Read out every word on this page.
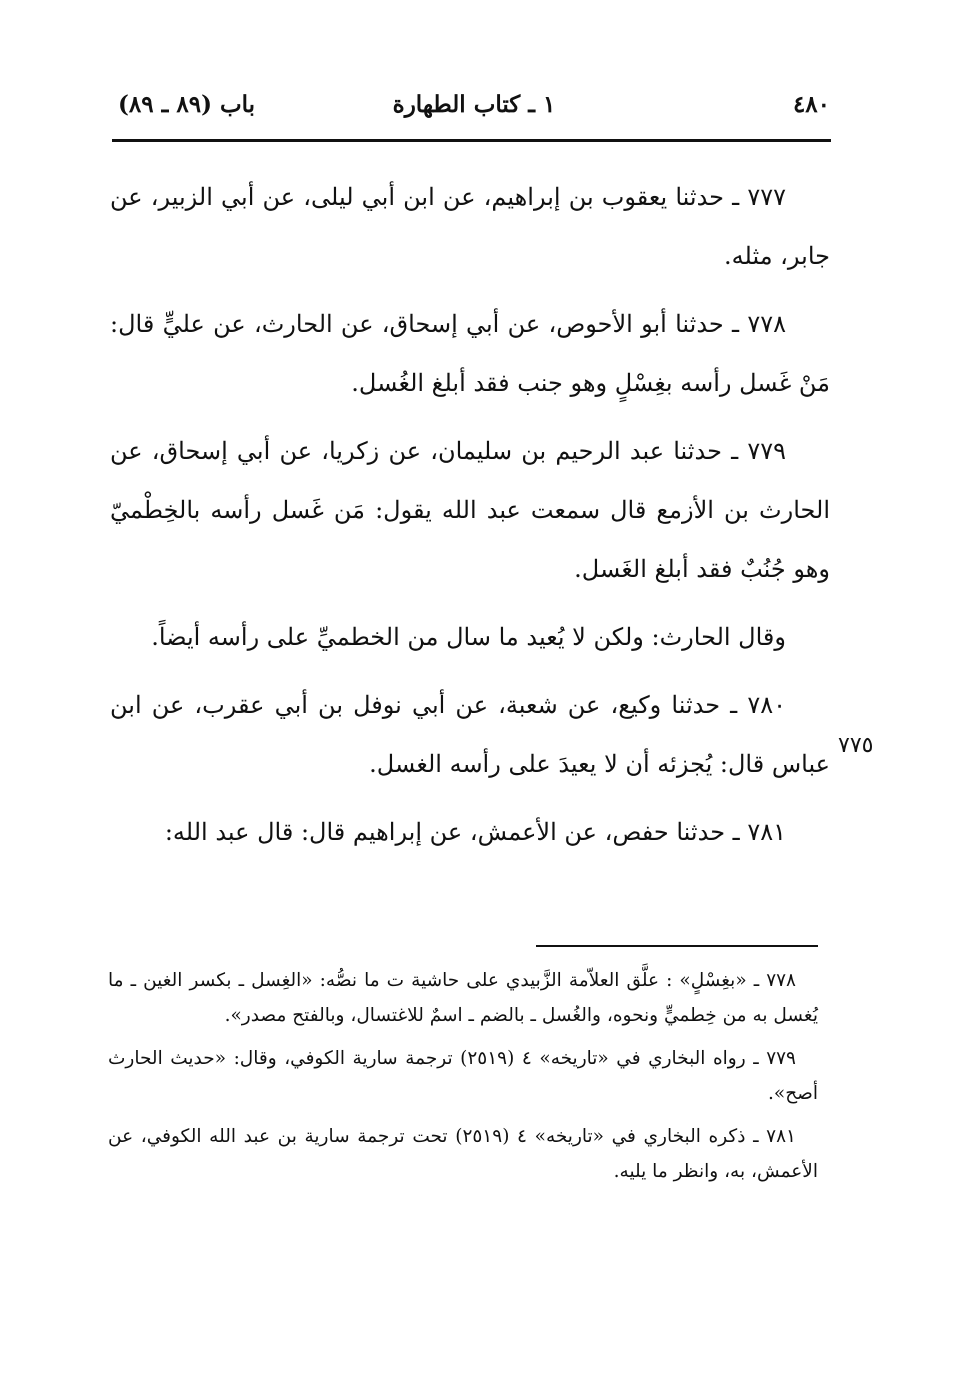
٤٨٠
١ ـ كتاب الطهارة
باب (٨٩ ـ ٨٩)

٧٧٧ ـ حدثنا يعقوب بن إبراهيم، عن ابن أبي ليلى، عن أبي الزبير، عن جابر، مثله.

٧٧٨ ـ حدثنا أبو الأحوص، عن أبي إسحاق، عن الحارث، عن عليٍّ قال: مَنْ غَسل رأسه بغِسْلٍ وهو جنب فقد أبلغ الغُسل.

٧٧٩ ـ حدثنا عبد الرحيم بن سليمان، عن زكريا، عن أبي إسحاق، عن الحارث بن الأزمع قال سمعت عبد الله يقول: مَن غَسل رأسه بالخِطْميّ وهو جُنُبٌ فقد أبلغ الغَسل.

وقال الحارث: ولكن لا يُعيد ما سال من الخطميِّ على رأسه أيضاً.

٧٨٠ ـ حدثنا وكيع، عن شعبة، عن أبي نوفل بن أبي عقرب، عن ابن عباس قال: يُجزئه أن لا يعيدَ على رأسه الغسل.

٧٨١ ـ حدثنا حفص، عن الأعمش، عن إبراهيم قال: قال عبد الله:

٧٧٥

٧٧٨ ـ «بغِسْلٍ» : علَّق العلاّمة الزَّبيدي على حاشية ت ما نصُّه: «الغِسل ـ بكسر الغين ـ ما يُغسل به من خِطميٍّ ونحوه، والغُسل ـ بالضم ـ اسمٌ للاغتسال، وبالفتح مصدر».

٧٧٩ ـ رواه البخاري في «تاريخه» ٤ (٢٥١٩) ترجمة سارية الكوفي، وقال: «حديث الحارث أصح».

٧٨١ ـ ذكره البخاري في «تاريخه» ٤ (٢٥١٩) تحت ترجمة سارية بن عبد الله الكوفي، عن الأعمش، به، وانظر ما يليه.
